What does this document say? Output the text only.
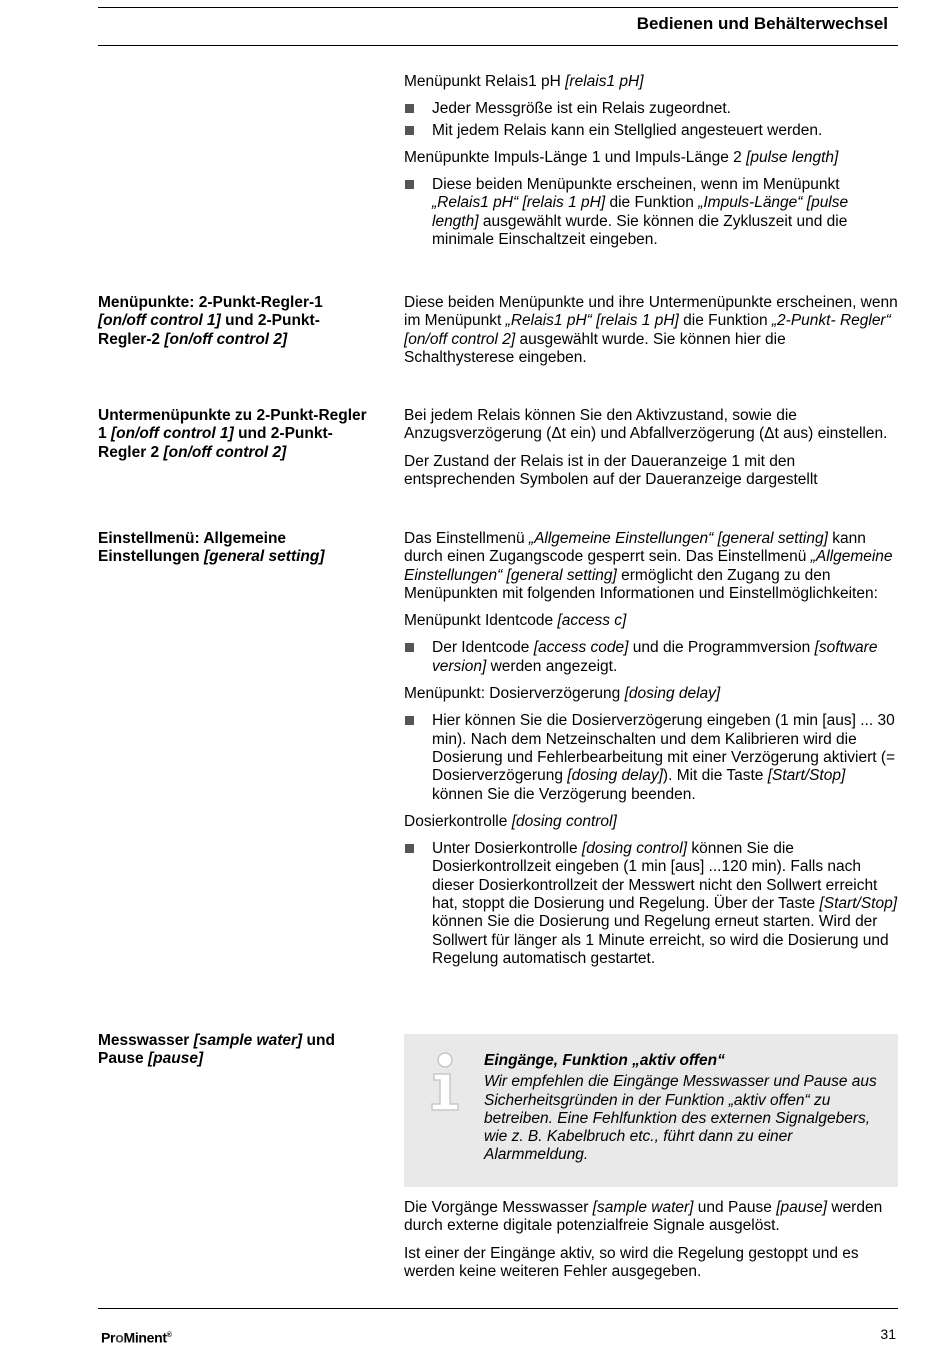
Bedienen und Behälterwechsel

Menüpunkt Relais1 pH [relais1 pH]

Jeder Messgröße ist ein Relais zugeordnet.

Mit jedem Relais kann ein Stellglied angesteuert werden.

Menüpunkte Impuls-Länge 1 und Impuls-Länge 2 [pulse length]

Diese beiden Menüpunkte erscheinen, wenn im Menüpunkt „Relais1 pH“ [relais 1 pH] die Funktion „Impuls-Länge“ [pulse length] ausgewählt wurde. Sie können die Zykluszeit und die minimale Einschaltzeit eingeben.

Menüpunkte: 2-Punkt-Regler-1 [on/off control 1] und 2-Punkt-Regler-2 [on/off control 2]

Diese beiden Menüpunkte und ihre Untermenüpunkte erscheinen, wenn im Menüpunkt „Relais1 pH“ [relais 1 pH] die Funktion „2-Punkt- Regler“ [on/off control 2] ausgewählt wurde. Sie können hier die Schalthysterese eingeben.

Untermenüpunkte zu 2-Punkt-Regler 1 [on/off control 1] und 2-Punkt-Regler 2 [on/off control 2]

Bei jedem Relais können Sie den Aktivzustand, sowie die Anzugsverzögerung (Δt ein) und Abfallverzögerung (Δt aus) einstellen.

Der Zustand der Relais ist in der Daueranzeige 1 mit den entsprechenden Symbolen auf der Daueranzeige dargestellt

Einstellmenü: Allgemeine Einstellungen [general setting]

Das Einstellmenü „Allgemeine Einstellungen“ [general setting] kann durch einen Zugangscode gesperrt sein. Das Einstellmenü „Allgemeine Einstellungen“ [general setting] ermöglicht den Zugang zu den Menüpunkten mit folgenden Informationen und Einstellmöglichkeiten:

Menüpunkt Identcode [access c]

Der Identcode [access code] und die Programmversion [software version] werden angezeigt.

Menüpunkt: Dosierverzögerung [dosing delay]

Hier können Sie die Dosierverzögerung eingeben (1 min [aus] ... 30 min). Nach dem Netzeinschalten und dem Kalibrieren wird die Dosierung und Fehlerbearbeitung mit einer Verzögerung aktiviert (= Dosierverzögerung [dosing delay]). Mit die Taste [Start/Stop] können Sie die Verzögerung beenden.

Dosierkontrolle [dosing control]

Unter Dosierkontrolle [dosing control] können Sie die Dosierkontrollzeit eingeben (1 min [aus] ...120 min). Falls nach dieser Dosierkontrollzeit der Messwert nicht den Sollwert erreicht hat, stoppt die Dosierung und Regelung. Über der Taste [Start/Stop] können Sie die Dosierung und Regelung erneut starten. Wird der Sollwert für länger als 1 Minute erreicht, so wird die Dosierung und Regelung automatisch gestartet.

Messwasser [sample water] und Pause [pause]	Eingänge, Funktion „aktiv offen“
Wir empfehlen die Eingänge Messwasser und Pause aus Sicherheitsgründen in der Funktion „aktiv offen“ zu betreiben. Eine Fehlfunktion des externen Signalgebers, wie z. B. Kabelbruch etc., führt dann zu einer Alarmmeldung.

Die Vorgänge Messwasser [sample water] und Pause [pause] werden durch externe digitale potenzialfreie Signale ausgelöst.

Ist einer der Eingänge aktiv, so wird die Regelung gestoppt und es werden keine weiteren Fehler ausgegeben.

ProMinent®	31
